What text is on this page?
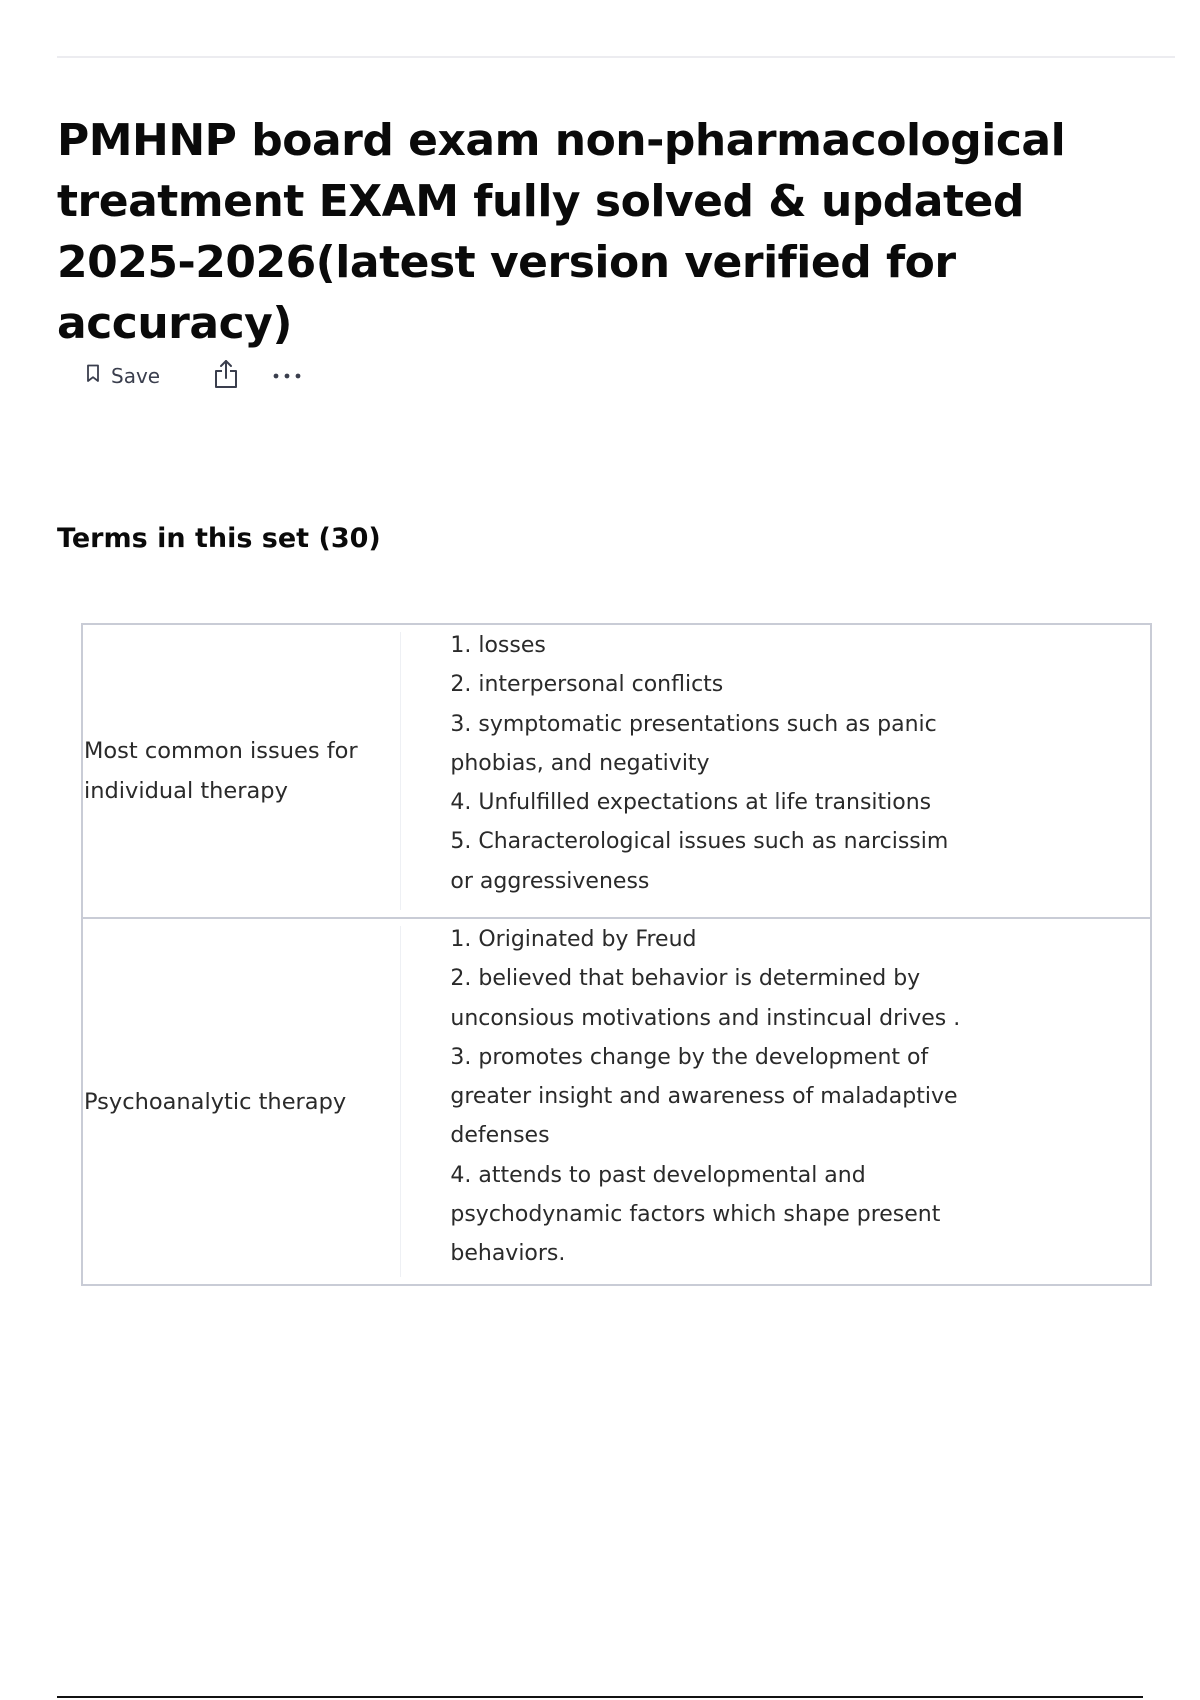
PMHNP board exam non-pharmacological treatment EXAM fully solved & updated 2025-2026(latest version verified for accuracy)
Save
Terms in this set (30)
Most common issues for individual therapy
1. losses
2. interpersonal conflicts
3. symptomatic presentations such as panic
phobias, and negativity
4. Unfulfilled expectations at life transitions
5. Characterological issues such as narcissim
or aggressiveness
Psychoanalytic therapy
1. Originated by Freud
2. believed that behavior is determined by
unconsious motivations and instincual drives .
3. promotes change by the development of
greater insight and awareness of maladaptive
defenses
4. attends to past developmental and
psychodynamic factors which shape present
behaviors.
